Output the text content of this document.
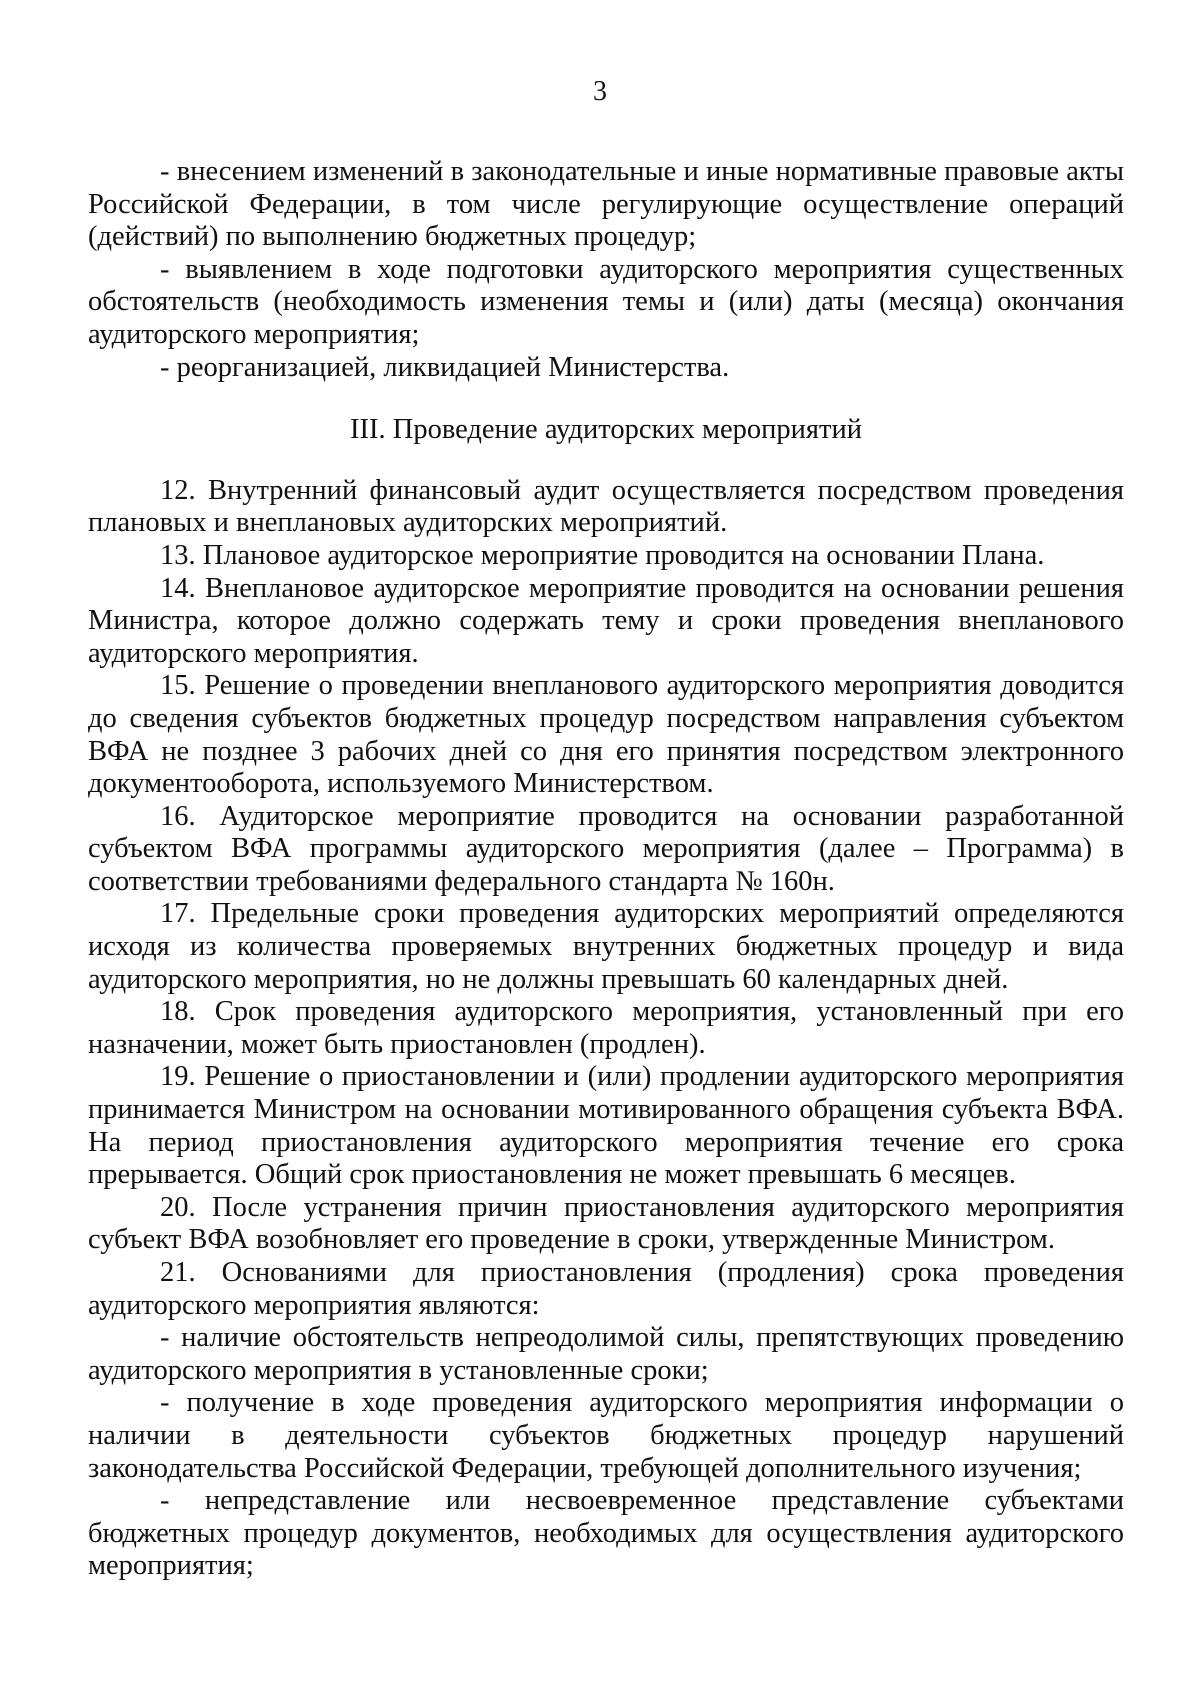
3

- внесением изменений в законодательные и иные нормативные правовые акты Российской Федерации, в том числе регулирующие осуществление операций (действий) по выполнению бюджетных процедур;

- выявлением в ходе подготовки аудиторского мероприятия существенных обстоятельств (необходимость изменения темы и (или) даты (месяца) окончания аудиторского мероприятия;

- реорганизацией, ликвидацией Министерства.

III. Проведение аудиторских мероприятий

12. Внутренний финансовый аудит осуществляется посредством проведения плановых и внеплановых аудиторских мероприятий.

13. Плановое аудиторское мероприятие проводится на основании Плана.

14. Внеплановое аудиторское мероприятие проводится на основании решения Министра, которое должно содержать тему и сроки проведения внепланового аудиторского мероприятия.

15. Решение о проведении внепланового аудиторского мероприятия доводится до сведения субъектов бюджетных процедур посредством направления субъектом ВФА не позднее 3 рабочих дней со дня его принятия посредством электронного документооборота, используемого Министерством.

16. Аудиторское мероприятие проводится на основании разработанной субъектом ВФА программы аудиторского мероприятия (далее – Программа) в соответствии требованиями федерального стандарта № 160н.

17. Предельные сроки проведения аудиторских мероприятий определяются исходя из количества проверяемых внутренних бюджетных процедур и вида аудиторского мероприятия, но не должны превышать 60 календарных дней.

18. Срок проведения аудиторского мероприятия, установленный при его назначении, может быть приостановлен (продлен).

19. Решение о приостановлении и (или) продлении аудиторского мероприятия принимается Министром на основании мотивированного обращения субъекта ВФА. На период приостановления аудиторского мероприятия течение его срока прерывается. Общий срок приостановления не может превышать 6 месяцев.

20. После устранения причин приостановления аудиторского мероприятия субъект ВФА возобновляет его проведение в сроки, утвержденные Министром.

21. Основаниями для приостановления (продления) срока проведения аудиторского мероприятия являются:

- наличие обстоятельств непреодолимой силы, препятствующих проведению аудиторского мероприятия в установленные сроки;

- получение в ходе проведения аудиторского мероприятия информации о наличии в деятельности субъектов бюджетных процедур нарушений законодательства Российской Федерации, требующей дополнительного изучения;

- непредставление или несвоевременное представление субъектами бюджетных процедур документов, необходимых для осуществления аудиторского мероприятия;
